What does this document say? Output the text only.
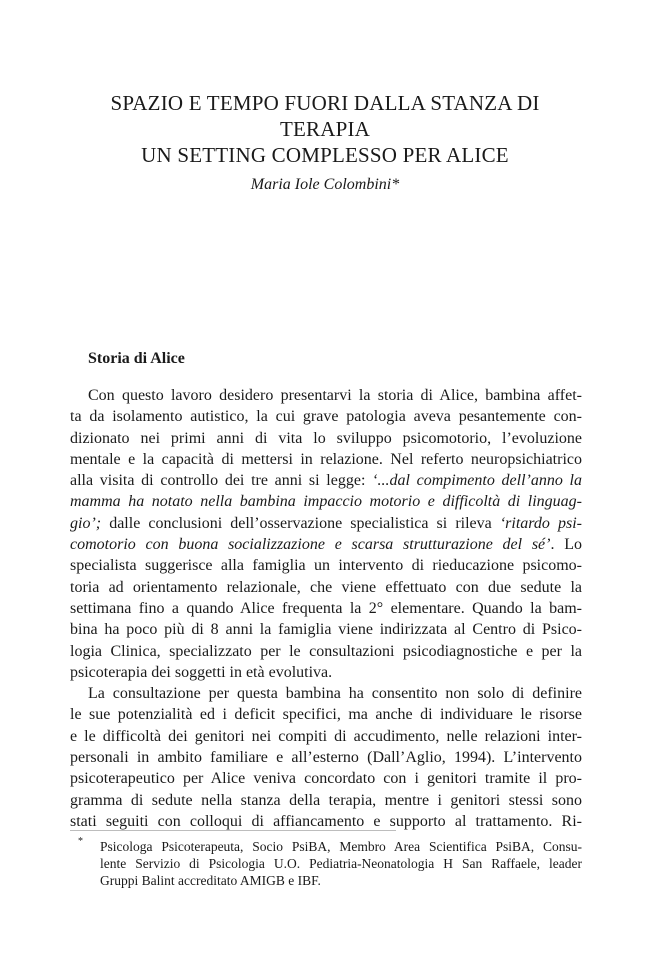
SPAZIO E TEMPO FUORI DALLA STANZA DI
TERAPIA
UN SETTING COMPLESSO PER ALICE
Maria Iole Colombini*
Storia di Alice
Con questo lavoro desidero presentarvi la storia di Alice, bambina affet-
ta da isolamento autistico, la cui grave patologia aveva pesantemente con-
dizionato nei primi anni di vita lo sviluppo psicomotorio, l’evoluzione
mentale e la capacità di mettersi in relazione. Nel referto neuropsichiatrico
alla visita di controllo dei tre anni si legge: ‘...dal compimento dell’anno la
mamma ha notato nella bambina impaccio motorio e difficoltà di linguag-
gio’; dalle conclusioni dell’osservazione specialistica si rileva ‘ritardo psi-
comotorio con buona socializzazione e scarsa strutturazione del sé’. Lo
specialista suggerisce alla famiglia un intervento di rieducazione psicomo-
toria ad orientamento relazionale, che viene effettuato con due sedute la
settimana fino a quando Alice frequenta la 2° elementare. Quando la bam-
bina ha poco più di 8 anni la famiglia viene indirizzata al Centro di Psico-
logia Clinica, specializzato per le consultazioni psicodiagnostiche e per la
psicoterapia dei soggetti in età evolutiva.
La consultazione per questa bambina ha consentito non solo di definire
le sue potenzialità ed i deficit specifici, ma anche di individuare le risorse
e le difficoltà dei genitori nei compiti di accudimento, nelle relazioni inter-
personali in ambito familiare e all’esterno (Dall’Aglio, 1994). L’intervento
psicoterapeutico per Alice veniva concordato con i genitori tramite il pro-
gramma di sedute nella stanza della terapia, mentre i genitori stessi sono
stati seguiti con colloqui di affiancamento e supporto al trattamento. Ri-
* Psicologa Psicoterapeuta, Socio PsiBA, Membro Area Scientifica PsiBA, Consu-
lente Servizio di Psicologia U.O. Pediatria-Neonatologia H San Raffaele, leader
Gruppi Balint accreditato AMIGB e IBF.
